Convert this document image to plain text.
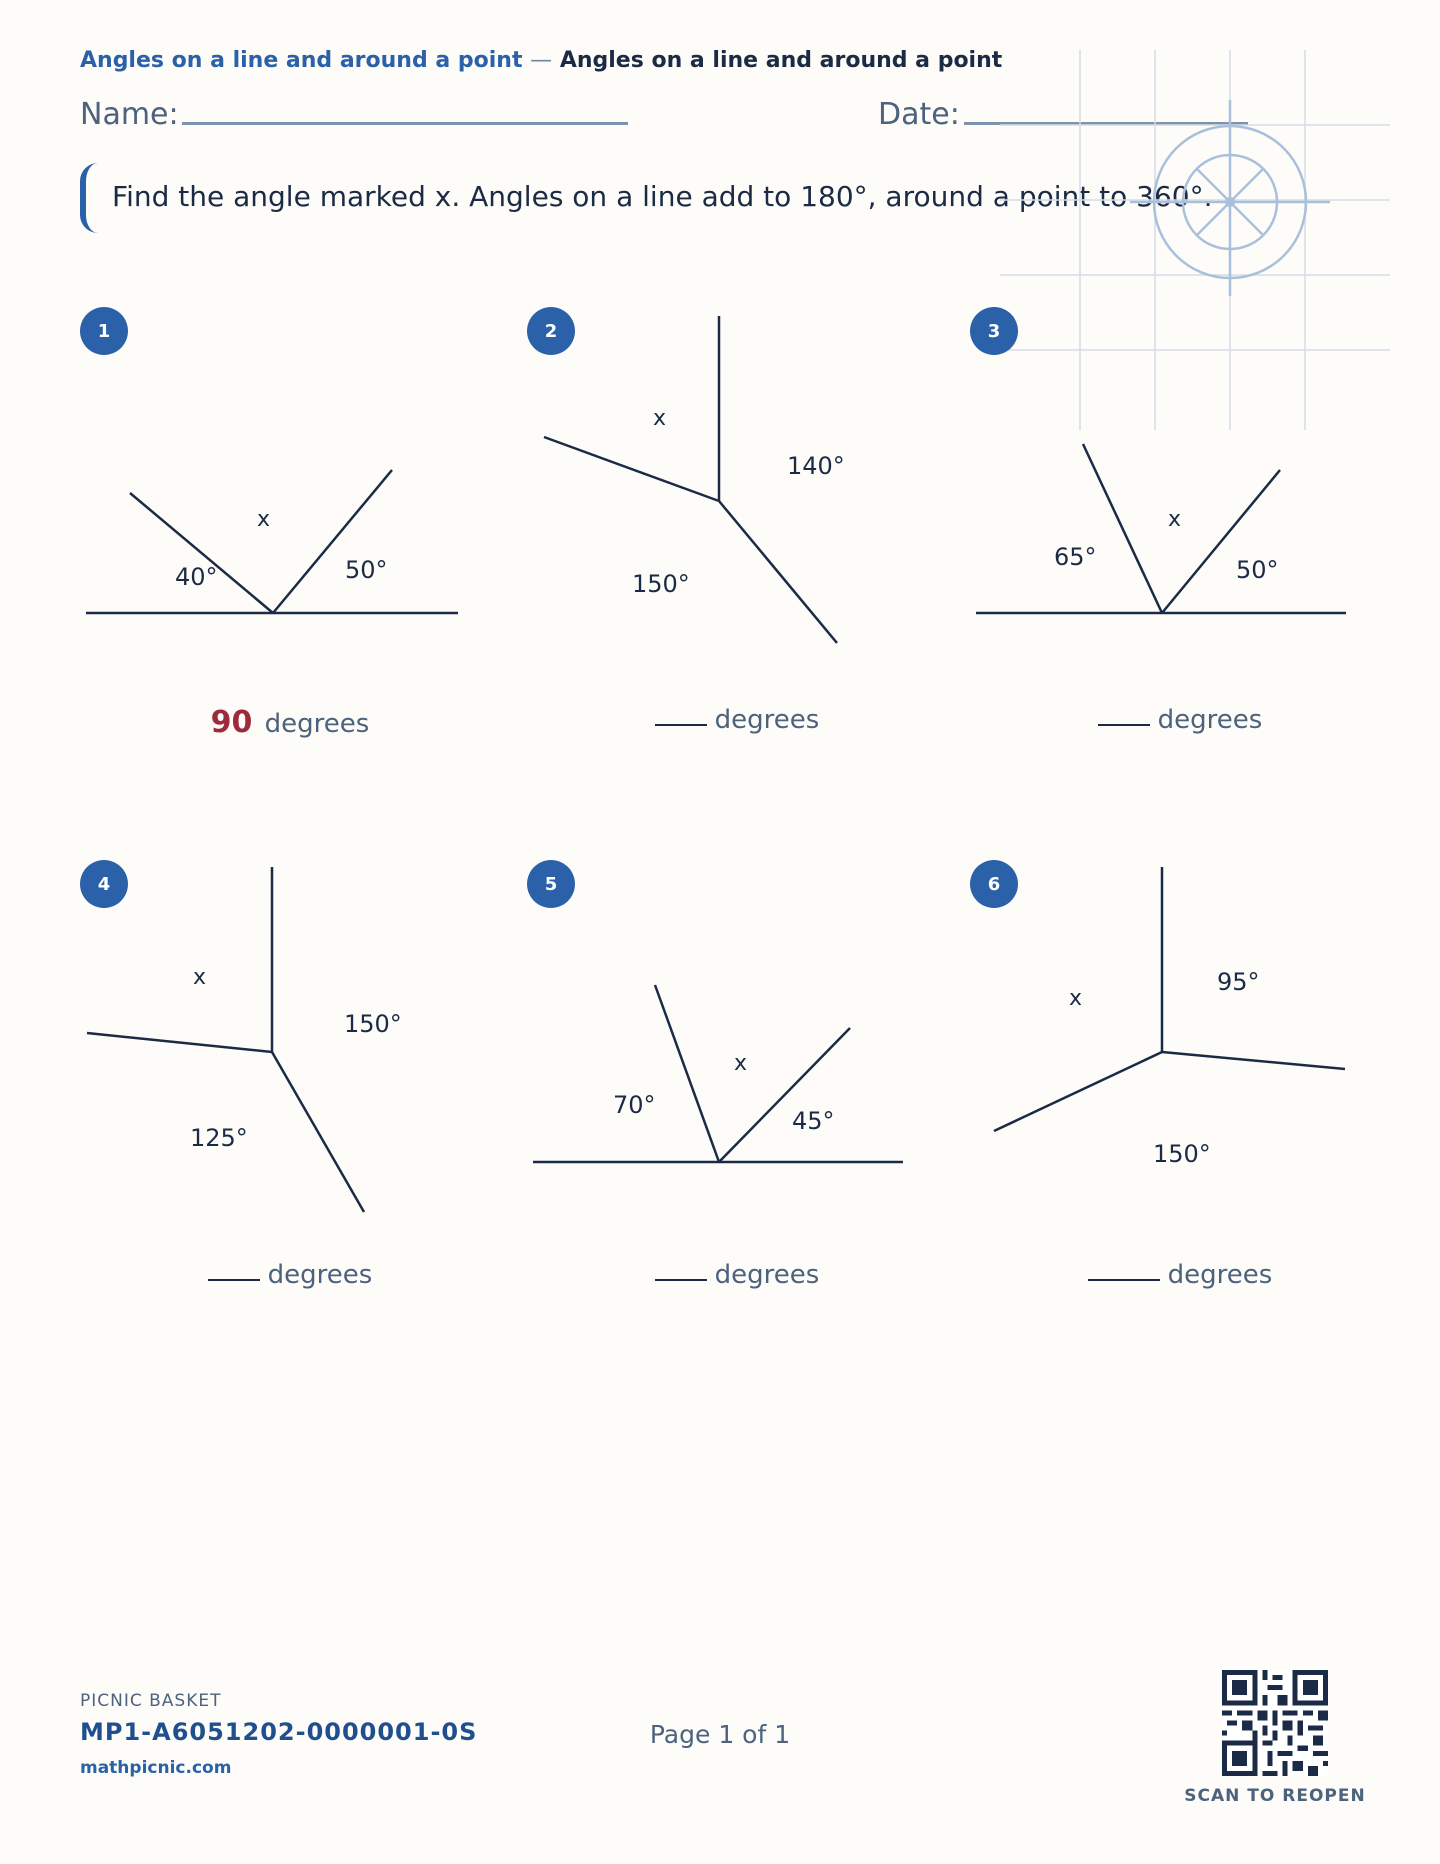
Angles on a line and around a point — Angles on a line and around a point
Name:	Date:
Find the angle marked x. Angles on a line add to 180°, around a point to 360°.
1
40°	50°
x
90 degrees
2
140°
150°
x
degrees
3
65°	50°
x
degrees
4
150°
125°
x
degrees
5
70°
45°
x
degrees
6
95°
150°
x
degrees
PICNIC BASKET
MP1-A6051202-0000001-0S
mathpicnic.com
Page 1 of 1
SCAN TO REOPEN
